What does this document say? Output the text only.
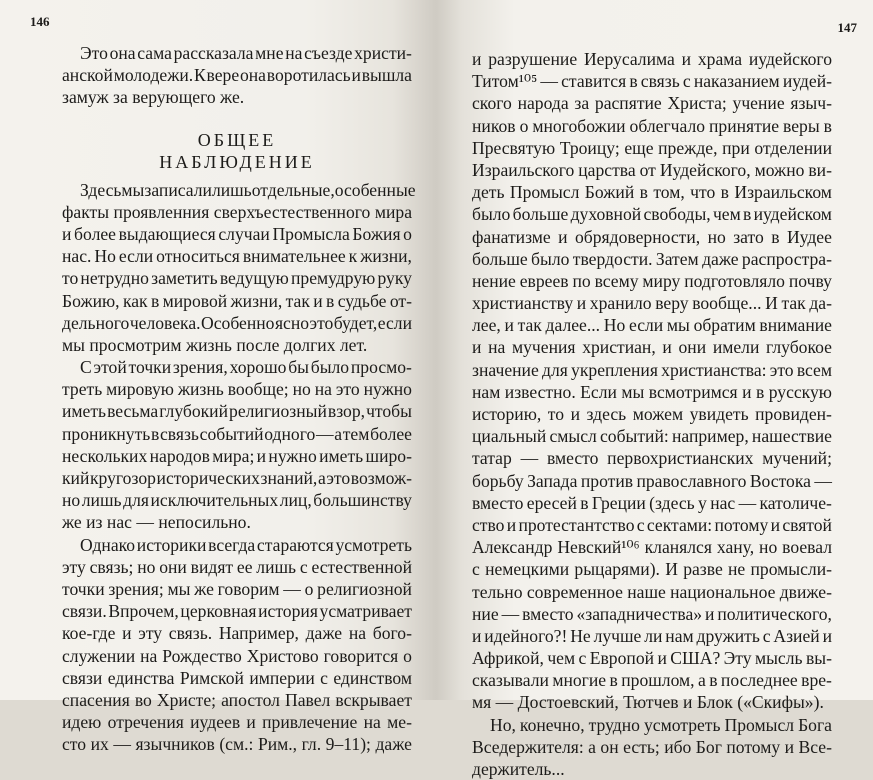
146
Это она сама рассказала мне на съезде христи-
анской молодежи. К вере она воротилась и вышла
замуж за верующего же.
ОБЩЕЕ
НАБЛЮДЕНИЕ
Здесь мы записали лишь отдельные, особенные
факты проявленния сверхъестественного мира
и более выдающиеся случаи Промысла Божия о
нас. Но если относиться внимательнее к жизни,
то нетрудно заметить ведущую премудрую руку
Божию, как в мировой жизни, так и в судьбе от-
дельного человека. Особенно ясно это будет, если
мы просмотрим жизнь после долгих лет.
С этой точки зрения, хорошо бы было просмо-
треть мировую жизнь вообще; но на это нужно
иметь весьма глубокий религиозный взор, чтобы
проникнуть в связь событий одного — а тем более
нескольких народов мира; и нужно иметь широ-
кий кругозор исторических знаний, а это возмож-
но лишь для исключительных лиц, большинству
же из нас — непосильно.
Однако историки всегда стараются усмотреть
эту связь; но они видят ее лишь с естественной
точки зрения; мы же говорим — о религиозной
связи. Впрочем, церковная история усматривает
кое-где и эту связь. Например, даже на бого-
служении на Рождество Христово говорится о
связи единства Римской империи с единством
спасения во Христе; апостол Павел вскрывает
идею отречения иудеев и привлечение на ме-
сто их — язычников (см.: Рим., гл. 9–11); даже
147
и разрушение Иерусалима и храма иудейского
Титом¹⁰⁵ — ставится в связь с наказанием иудей-
ского народа за распятие Христа; учение языч-
ников о многобожии облегчало принятие веры в
Пресвятую Троицу; еще прежде, при отделении
Израильского царства от Иудейского, можно ви-
деть Промысл Божий в том, что в Израильском
было больше духовной свободы, чем в иудейском
фанатизме и обрядоверности, но зато в Иудее
больше было твердости. Затем даже распростра-
нение евреев по всему миру подготовляло почву
христианству и хранило веру вообще... И так да-
лее, и так далее... Но если мы обратим внимание
и на мучения христиан, и они имели глубокое
значение для укрепления христианства: это всем
нам известно. Если мы всмотримся и в русскую
историю, то и здесь можем увидеть провиден-
циальный смысл событий: например, нашествие
татар — вместо первохристианских мучений;
борьбу Запада против православного Востока —
вместо ересей в Греции (здесь у нас — католиче-
ство и протестантство с сектами: потому и святой
Александр Невский¹⁰⁶ кланялся хану, но воевал
с немецкими рыцарями). И разве не промысли-
тельно современное наше национальное движе-
ние — вместо «западничества» и политического,
и идейного?! Не лучше ли нам дружить с Азией и
Африкой, чем с Европой и США? Эту мысль вы-
сказывали многие в прошлом, а в последнее вре-
мя — Достоевский, Тютчев и Блок («Скифы»).
Но, конечно, трудно усмотреть Промысл Бога
Вседержителя: а он есть; ибо Бог потому и Все-
держитель...
